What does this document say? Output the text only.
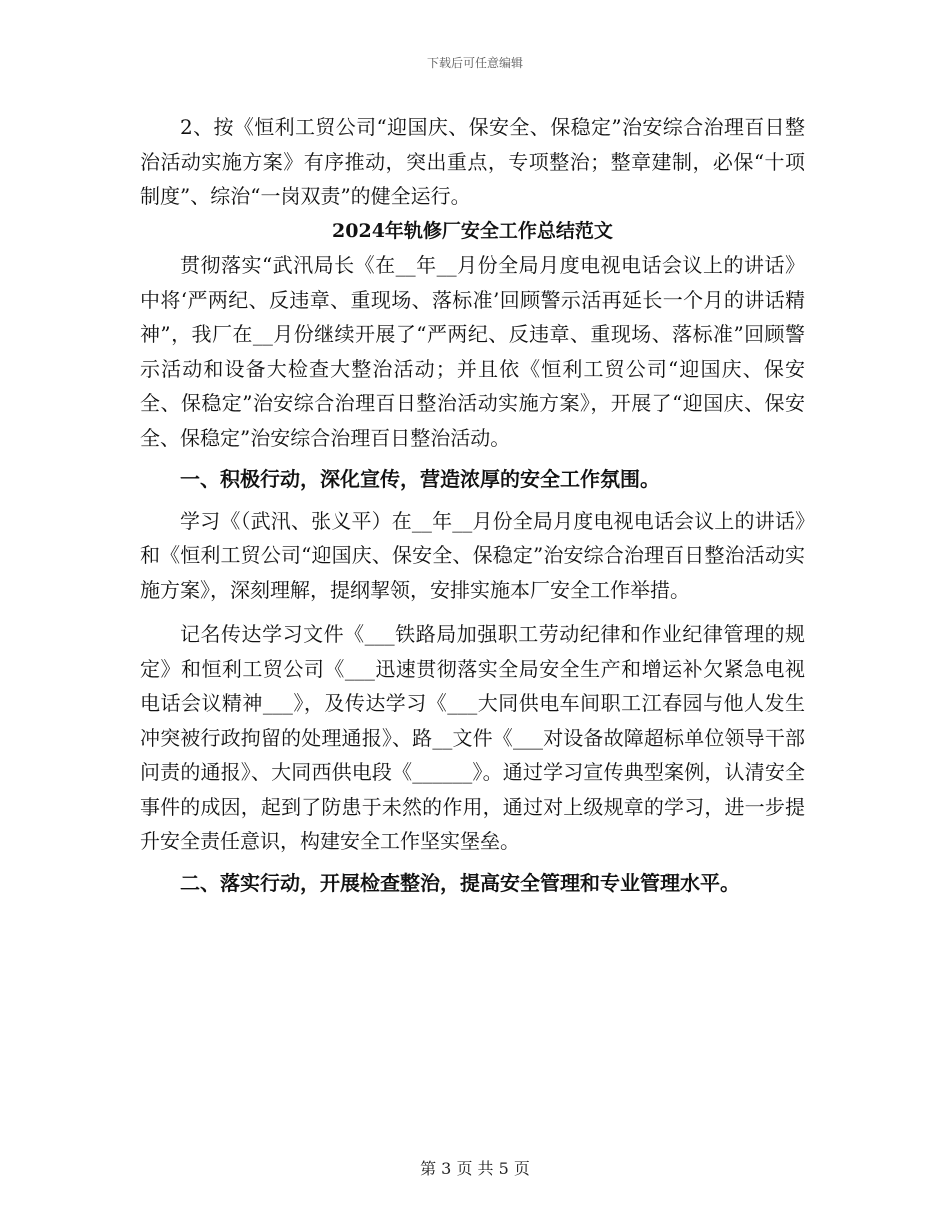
下载后可任意编辑

2、按《恒利工贸公司“迎国庆、保安全、保稳定”治安综合治理百日整治活动实施方案》有序推动，突出重点，专项整治；整章建制，必保“十项制度”、综治“一岗双责”的健全运行。

2024年轨修厂安全工作总结范文

贯彻落实“武汛局长《在__年__月份全局月度电视电话会议上的讲话》中将‘严两纪、反违章、重现场、落标准’回顾警示活再延长一个月的讲话精神”，我厂在__月份继续开展了“严两纪、反违章、重现场、落标准”回顾警示活动和设备大检查大整治活动；并且依《恒利工贸公司“迎国庆、保安全、保稳定”治安综合治理百日整治活动实施方案》，开展了“迎国庆、保安全、保稳定”治安综合治理百日整治活动。

一、积极行动，深化宣传，营造浓厚的安全工作氛围。

学习《（武汛、张义平）在__年__月份全局月度电视电话会议上的讲话》和《恒利工贸公司“迎国庆、保安全、保稳定”治安综合治理百日整治活动实施方案》，深刻理解，提纲挈领，安排实施本厂安全工作举措。

记名传达学习文件《___铁路局加强职工劳动纪律和作业纪律管理的规定》和恒利工贸公司《___迅速贯彻落实全局安全生产和增运补欠紧急电视电话会议精神___》，及传达学习《___大同供电车间职工江春园与他人发生冲突被行政拘留的处理通报》、路__文件《___对设备故障超标单位领导干部问责的通报》、大同西供电段《______》。通过学习宣传典型案例，认清安全事件的成因，起到了防患于未然的作用，通过对上级规章的学习，进一步提升安全责任意识，构建安全工作坚实堡垒。

二、落实行动，开展检查整治，提高安全管理和专业管理水平。

第 3 页 共 5 页
